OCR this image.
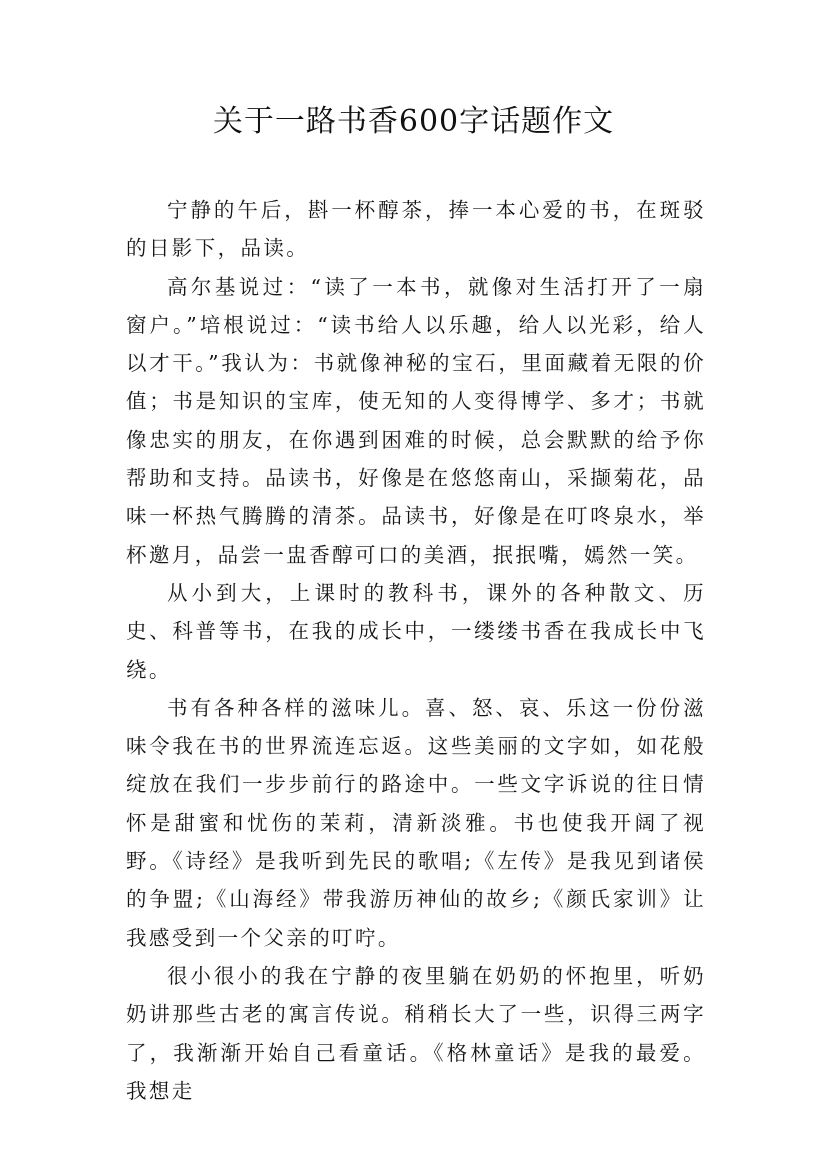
关于一路书香600字话题作文

宁静的午后，斟一杯醇茶，捧一本心爱的书，在斑驳的日影下，品读。

高尔基说过：“读了一本书，就像对生活打开了一扇窗户。”培根说过：“读书给人以乐趣，给人以光彩，给人以才干。”我认为：书就像神秘的宝石，里面藏着无限的价值；书是知识的宝库，使无知的人变得博学、多才；书就像忠实的朋友，在你遇到困难的时候，总会默默的给予你帮助和支持。品读书，好像是在悠悠南山，采撷菊花，品味一杯热气腾腾的清茶。品读书，好像是在叮咚泉水，举杯邀月，品尝一盅香醇可口的美酒，抿抿嘴，嫣然一笑。

从小到大，上课时的教科书，课外的各种散文、历史、科普等书，在我的成长中，一缕缕书香在我成长中飞绕。

书有各种各样的滋味儿。喜、怒、哀、乐这一份份滋味令我在书的世界流连忘返。这些美丽的文字如，如花般绽放在我们一步步前行的路途中。一些文字诉说的往日情怀是甜蜜和忧伤的茉莉，清新淡雅。书也使我开阔了视野。《诗经》是我听到先民的歌唱;《左传》是我见到诸侯的争盟;《山海经》带我游历神仙的故乡;《颜氏家训》让我感受到一个父亲的叮咛。

很小很小的我在宁静的夜里躺在奶奶的怀抱里，听奶奶讲那些古老的寓言传说。稍稍长大了一些，识得三两字了，我渐渐开始自己看童话。《格林童话》是我的最爱。我想走
